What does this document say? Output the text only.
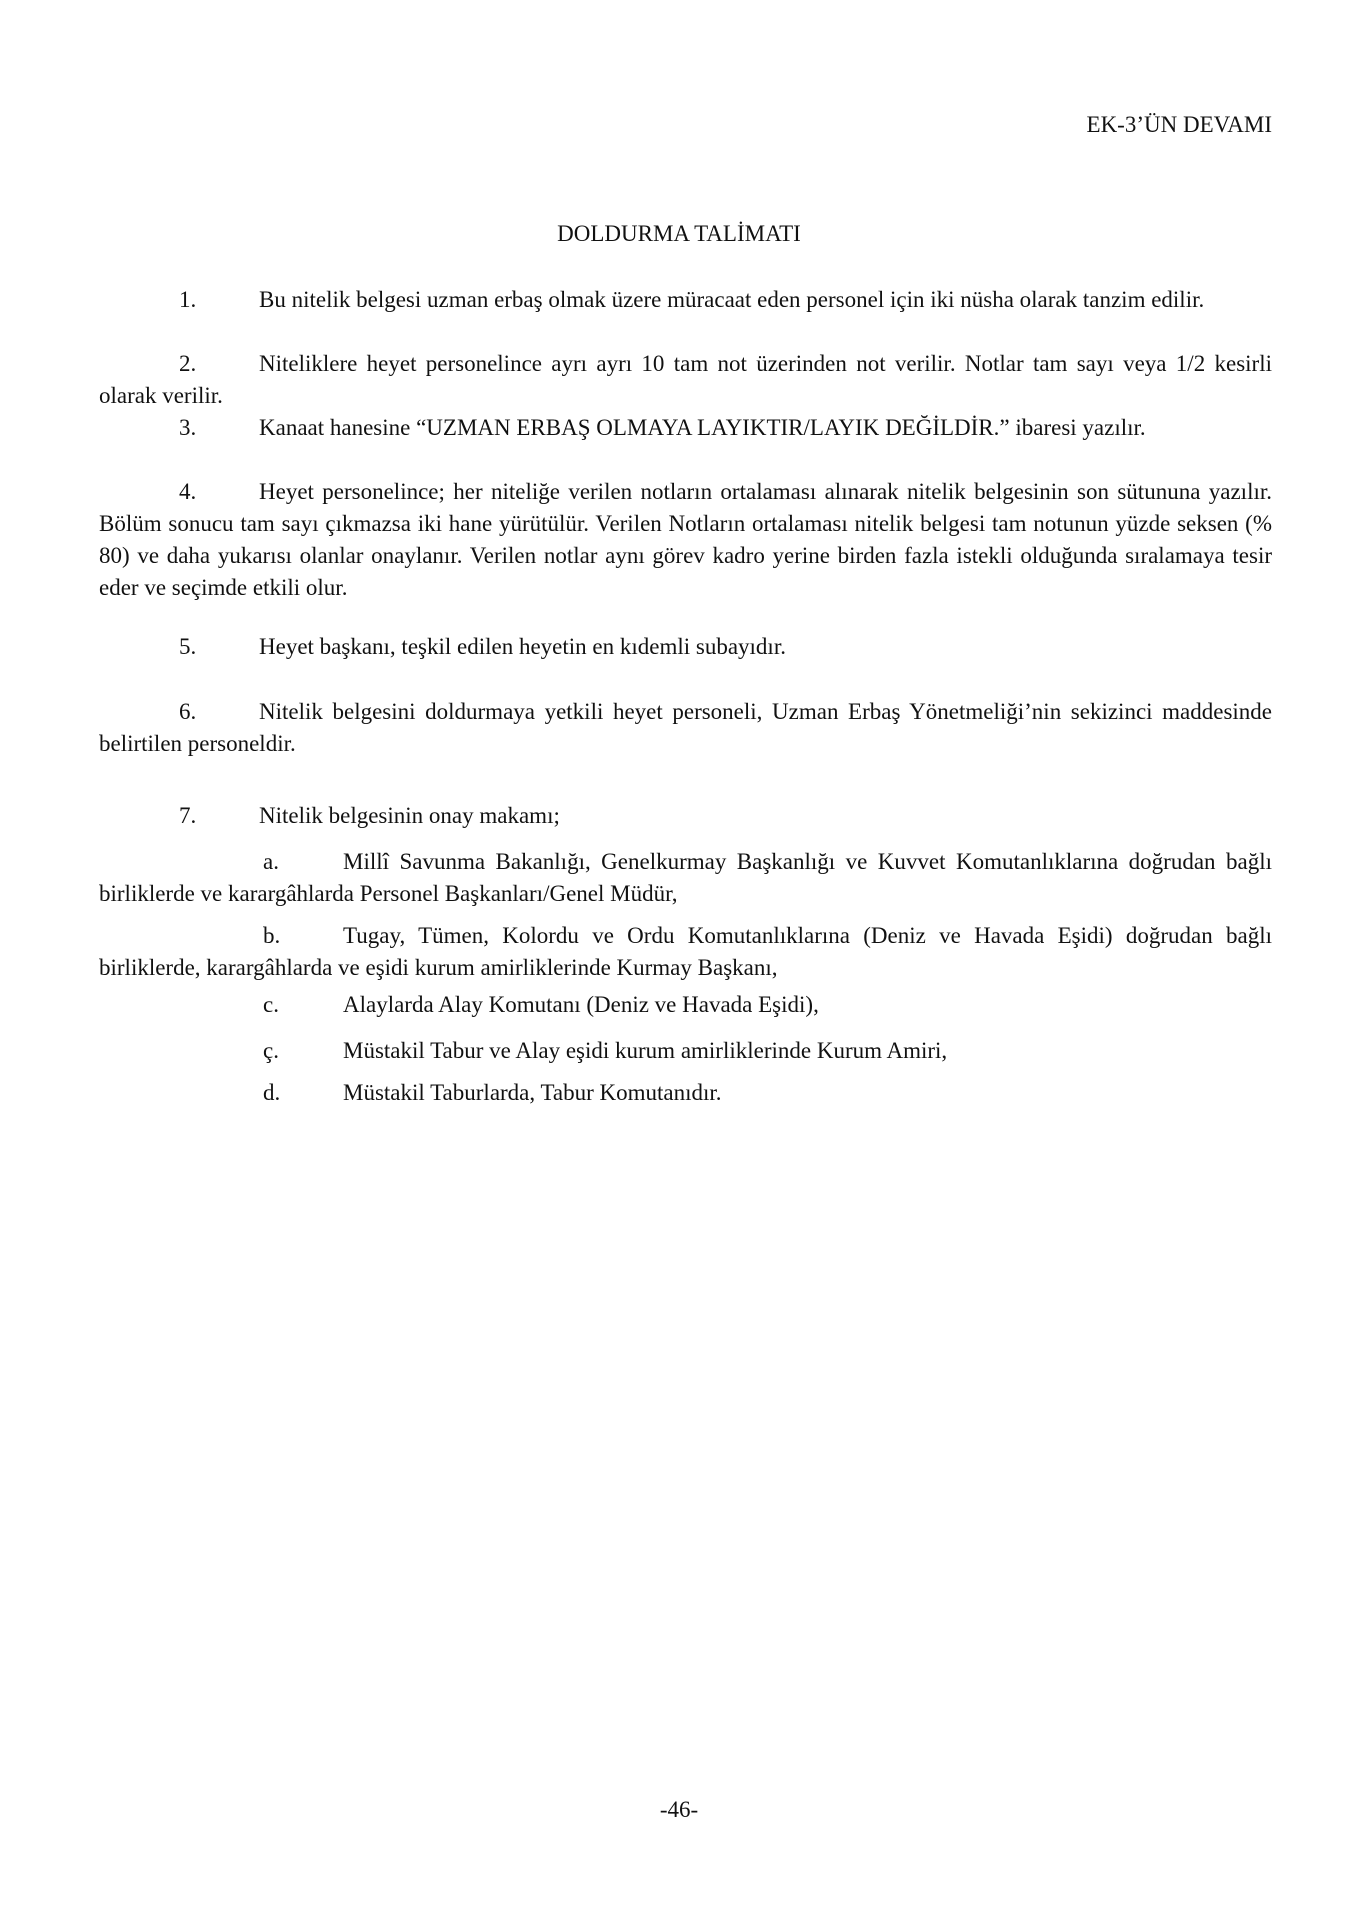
EK-3’ÜN DEVAMI
DOLDURMA TALİMATI
1.	Bu nitelik belgesi uzman erbaş olmak üzere müracaat eden personel için iki nüsha olarak tanzim edilir.
2.	Niteliklere heyet personelince ayrı ayrı 10 tam not üzerinden not verilir. Notlar tam sayı veya 1/2 kesirli olarak verilir.
3.	Kanaat hanesine “UZMAN ERBAŞ OLMAYA LAYIKTIR/LAYIK DEĞİLDİR.” ibaresi yazılır.
4.	Heyet personelince; her niteliğe verilen notların ortalaması alınarak nitelik belgesinin son sütununa yazılır. Bölüm sonucu tam sayı çıkmazsa iki hane yürütülür. Verilen Notların ortalaması nitelik belgesi tam notunun yüzde seksen (% 80) ve daha yukarısı olanlar onaylanır. Verilen notlar aynı görev kadro yerine birden fazla istekli olduğunda sıralamaya tesir eder ve seçimde etkili olur.
5.	Heyet başkanı, teşkil edilen heyetin en kıdemli subayıdır.
6.	Nitelik belgesini doldurmaya yetkili heyet personeli, Uzman Erbaş Yönetmeliği’nin sekizinci maddesinde belirtilen personeldir.
7.	Nitelik belgesinin onay makamı;
a.	Millî Savunma Bakanlığı, Genelkurmay Başkanlığı ve Kuvvet Komutanlıklarına doğrudan bağlı birliklerde ve karargâhlarda Personel Başkanları/Genel Müdür,
b.	Tugay, Tümen, Kolordu ve Ordu Komutanlıklarına (Deniz ve Havada Eşidi) doğrudan bağlı birliklerde, karargâhlarda ve eşidi kurum amirliklerinde Kurmay Başkanı,
c.	Alaylarda Alay Komutanı (Deniz ve Havada Eşidi),
ç.	Müstakil Tabur ve Alay eşidi kurum amirliklerinde Kurum Amiri,
d.	Müstakil Taburlarda, Tabur Komutanıdır.
-46-
